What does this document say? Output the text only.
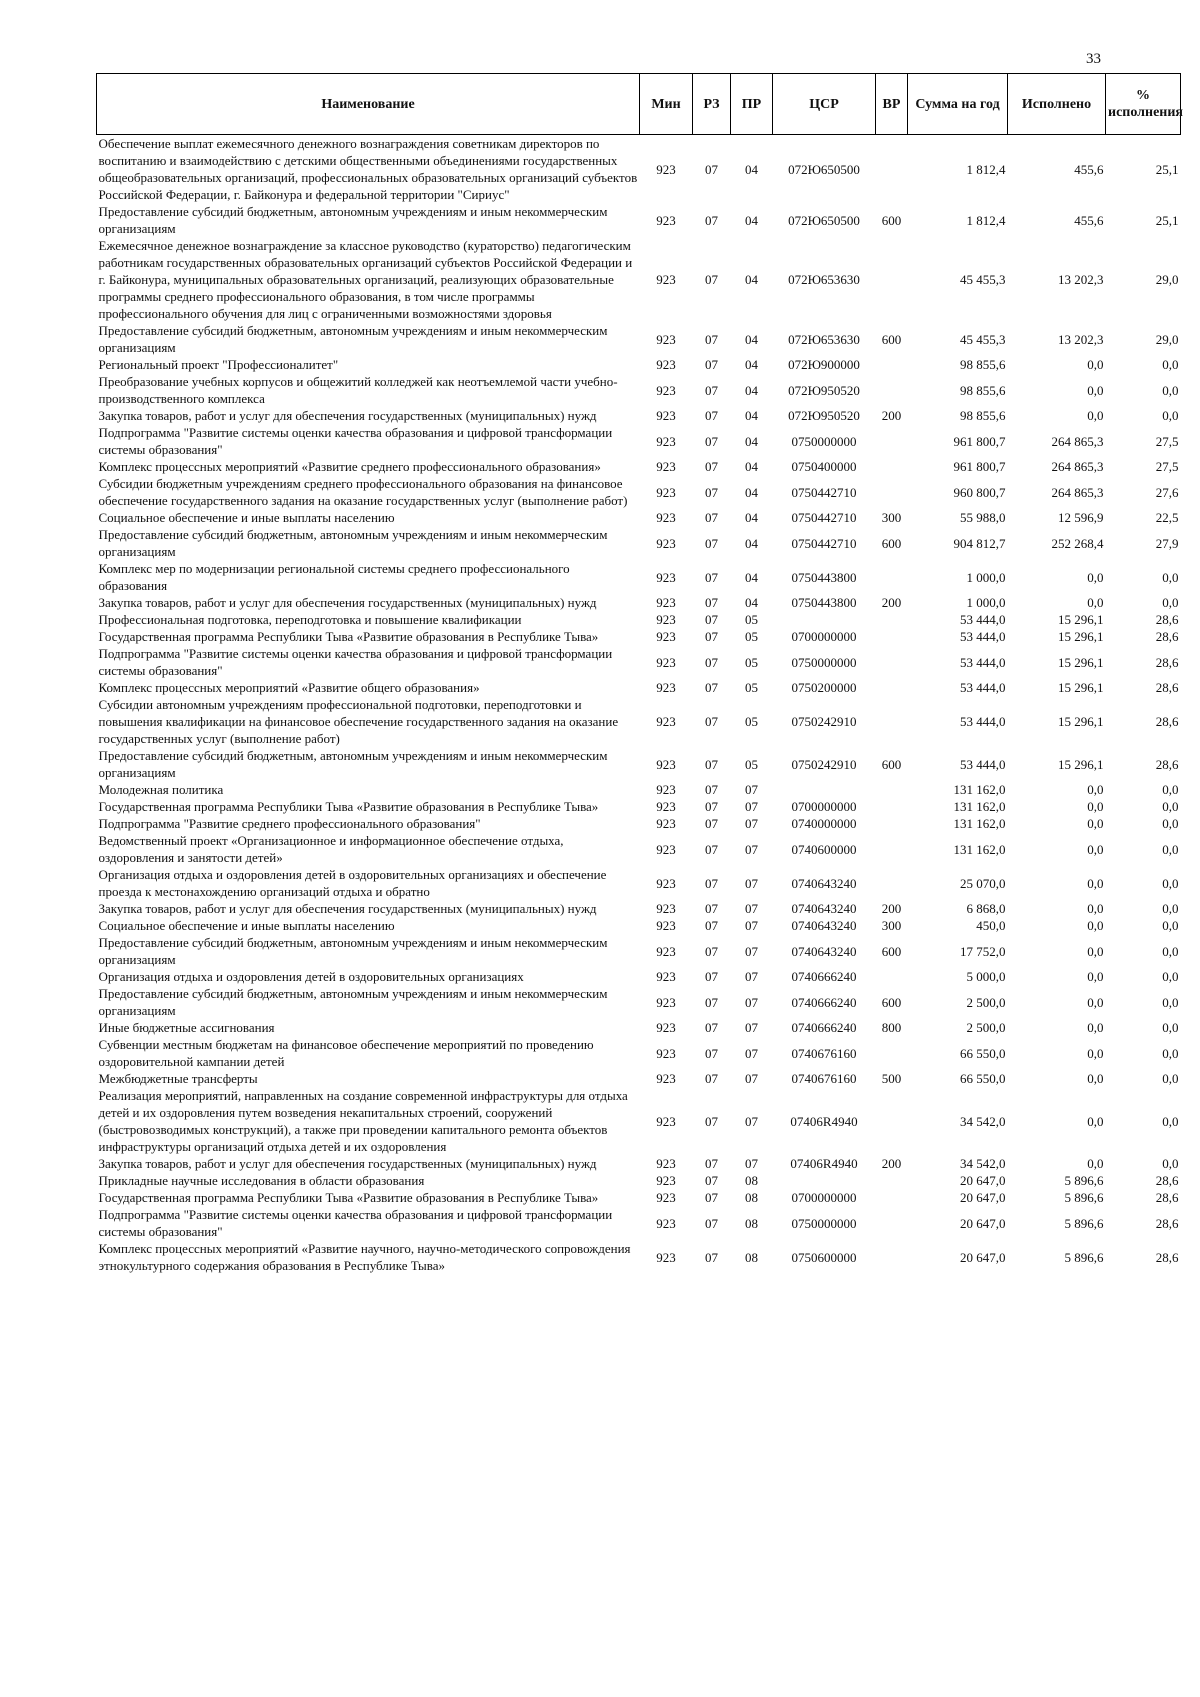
33
Наименование	Мин	РЗ	ПР	ЦСР	ВР	Сумма на год	Исполнено	% исполнения
Обеспечение выплат ежемесячного денежного вознаграждения советникам директоров по воспитанию и взаимодействию с детскими общественными объединениями государственных общеобразовательных организаций, профессиональных образовательных организаций субъектов Российской Федерации, г. Байконура и федеральной территории "Сириус"	923	07	04	072Ю650500		1 812,4	455,6	25,1
Предоставление субсидий бюджетным, автономным учреждениям и иным некоммерческим организациям	923	07	04	072Ю650500	600	1 812,4	455,6	25,1
Ежемесячное денежное вознаграждение за классное руководство (кураторство) педагогическим работникам государственных образовательных организаций субъектов Российской Федерации и г. Байконура, муниципальных образовательных организаций, реализующих образовательные программы среднего профессионального образования, в том числе программы профессионального обучения для лиц с ограниченными возможностями здоровья	923	07	04	072Ю653630		45 455,3	13 202,3	29,0
Предоставление субсидий бюджетным, автономным учреждениям и иным некоммерческим организациям	923	07	04	072Ю653630	600	45 455,3	13 202,3	29,0
Региональный проект "Профессионалитет"	923	07	04	072Ю900000		98 855,6	0,0	0,0
Преобразование учебных корпусов и общежитий колледжей как неотъемлемой части учебно-производственного комплекса	923	07	04	072Ю950520		98 855,6	0,0	0,0
Закупка товаров, работ и услуг для обеспечения государственных (муниципальных) нужд	923	07	04	072Ю950520	200	98 855,6	0,0	0,0
Подпрограмма "Развитие системы оценки качества образования и цифровой трансформации системы образования"	923	07	04	0750000000		961 800,7	264 865,3	27,5
Комплекс процессных мероприятий «Развитие среднего профессионального образования»	923	07	04	0750400000		961 800,7	264 865,3	27,5
Субсидии бюджетным учреждениям среднего профессионального образования на финансовое обеспечение государственного задания на оказание государственных услуг (выполнение работ)	923	07	04	0750442710		960 800,7	264 865,3	27,6
Социальное обеспечение и иные выплаты населению	923	07	04	0750442710	300	55 988,0	12 596,9	22,5
Предоставление субсидий бюджетным, автономным учреждениям и иным некоммерческим организациям	923	07	04	0750442710	600	904 812,7	252 268,4	27,9
Комплекс мер по модернизации региональной системы среднего профессионального образования	923	07	04	0750443800		1 000,0	0,0	0,0
Закупка товаров, работ и услуг для обеспечения государственных (муниципальных) нужд	923	07	04	0750443800	200	1 000,0	0,0	0,0
Профессиональная подготовка, переподготовка и повышение квалификации	923	07	05			53 444,0	15 296,1	28,6
Государственная программа Республики Тыва «Развитие образования в Республике Тыва»	923	07	05	0700000000		53 444,0	15 296,1	28,6
Подпрограмма "Развитие системы оценки качества образования и цифровой трансформации системы образования"	923	07	05	0750000000		53 444,0	15 296,1	28,6
Комплекс процессных мероприятий «Развитие общего образования»	923	07	05	0750200000		53 444,0	15 296,1	28,6
Субсидии автономным учреждениям профессиональной подготовки, переподготовки и повышения квалификации на финансовое обеспечение государственного задания на оказание государственных услуг (выполнение работ)	923	07	05	0750242910		53 444,0	15 296,1	28,6
Предоставление субсидий бюджетным, автономным учреждениям и иным некоммерческим организациям	923	07	05	0750242910	600	53 444,0	15 296,1	28,6
Молодежная политика	923	07	07			131 162,0	0,0	0,0
Государственная программа Республики Тыва «Развитие образования в Республике Тыва»	923	07	07	0700000000		131 162,0	0,0	0,0
Подпрограмма "Развитие среднего профессионального образования"	923	07	07	0740000000		131 162,0	0,0	0,0
Ведомственный проект «Организационное и информационное обеспечение отдыха, оздоровления и занятости детей»	923	07	07	0740600000		131 162,0	0,0	0,0
Организация отдыха и оздоровления детей в оздоровительных организациях и обеспечение проезда к местонахождению организаций отдыха и обратно	923	07	07	0740643240		25 070,0	0,0	0,0
Закупка товаров, работ и услуг для обеспечения государственных (муниципальных) нужд	923	07	07	0740643240	200	6 868,0	0,0	0,0
Социальное обеспечение и иные выплаты населению	923	07	07	0740643240	300	450,0	0,0	0,0
Предоставление субсидий бюджетным, автономным учреждениям и иным некоммерческим организациям	923	07	07	0740643240	600	17 752,0	0,0	0,0
Организация отдыха и оздоровления детей в оздоровительных организациях	923	07	07	0740666240		5 000,0	0,0	0,0
Предоставление субсидий бюджетным, автономным учреждениям и иным некоммерческим организациям	923	07	07	0740666240	600	2 500,0	0,0	0,0
Иные бюджетные ассигнования	923	07	07	0740666240	800	2 500,0	0,0	0,0
Субвенции местным бюджетам на финансовое обеспечение мероприятий по проведению оздоровительной кампании детей	923	07	07	0740676160		66 550,0	0,0	0,0
Межбюджетные трансферты	923	07	07	0740676160	500	66 550,0	0,0	0,0
Реализация мероприятий, направленных на создание современной инфраструктуры для отдыха детей и их оздоровления путем возведения некапитальных строений, сооружений (быстровозводимых конструкций), а также при проведении капитального ремонта объектов инфраструктуры организаций отдыха детей и их оздоровления	923	07	07	07406R4940		34 542,0	0,0	0,0
Закупка товаров, работ и услуг для обеспечения государственных (муниципальных) нужд	923	07	07	07406R4940	200	34 542,0	0,0	0,0
Прикладные научные исследования в области образования	923	07	08			20 647,0	5 896,6	28,6
Государственная программа Республики Тыва «Развитие образования в Республике Тыва»	923	07	08	0700000000		20 647,0	5 896,6	28,6
Подпрограмма "Развитие системы оценки качества образования и цифровой трансформации системы образования"	923	07	08	0750000000		20 647,0	5 896,6	28,6
Комплекс процессных мероприятий «Развитие научного, научно-методического сопровождения этнокультурного содержания образования в Республике Тыва»	923	07	08	0750600000		20 647,0	5 896,6	28,6
